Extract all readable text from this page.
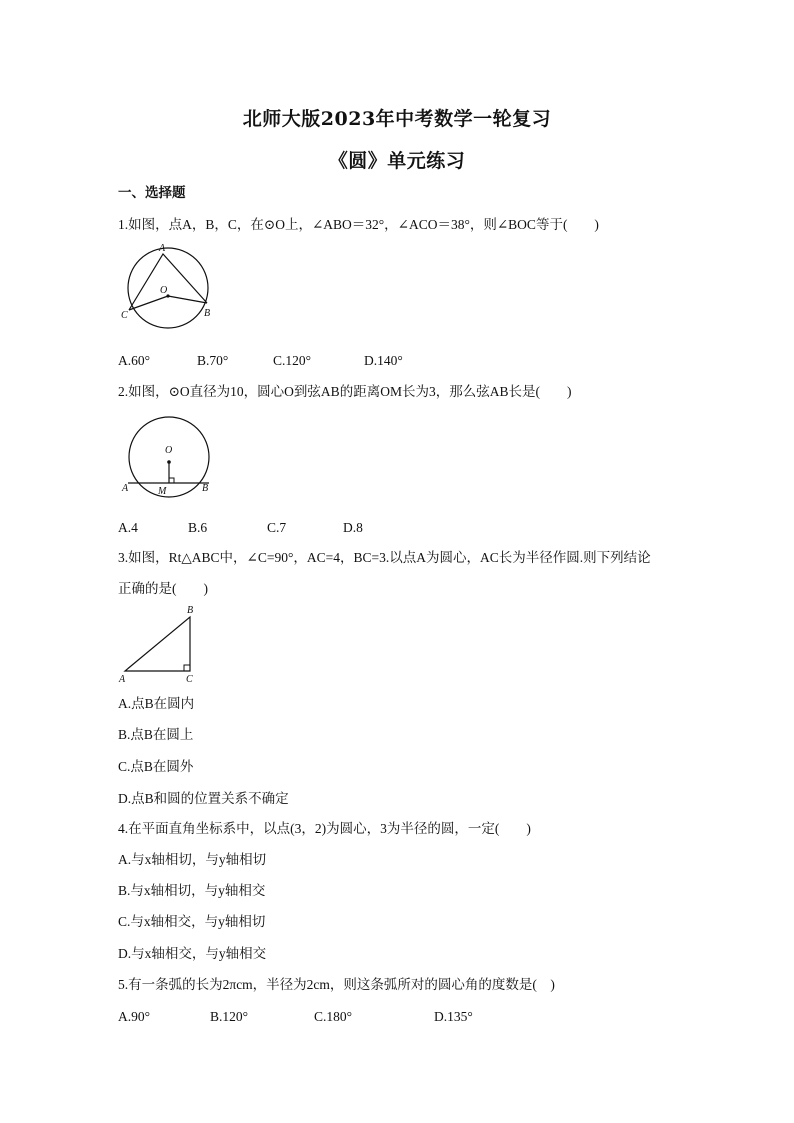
北师大版2023年中考数学一轮复习
《圆》单元练习
一、选择题
1.如图，点A，B，C，在⊙O上，∠ABO＝32°，∠ACO＝38°，则∠BOC等于(　　)
A
O
C	B
A.60°	B.70°	C.120°	D.140°
2.如图，⊙O直径为10，圆心O到弦AB的距离OM长为3，那么弦AB长是(　　)
O
A	M	B
A.4	B.6	C.7	D.8
3.如图，Rt△ABC中，∠C=90°，AC=4，BC=3.以点A为圆心，AC长为半径作圆.则下列结论
正确的是(　　)
B
A	C
A.点B在圆内
B.点B在圆上
C.点B在圆外
D.点B和圆的位置关系不确定
4.在平面直角坐标系中，以点(3，2)为圆心，3为半径的圆，一定(　　)
A.与x轴相切，与y轴相切
B.与x轴相切，与y轴相交
C.与x轴相交，与y轴相切
D.与x轴相交，与y轴相交
5.有一条弧的长为2πcm，半径为2cm，则这条弧所对的圆心角的度数是(　)
A.90°	B.120°	C.180°	D.135°
